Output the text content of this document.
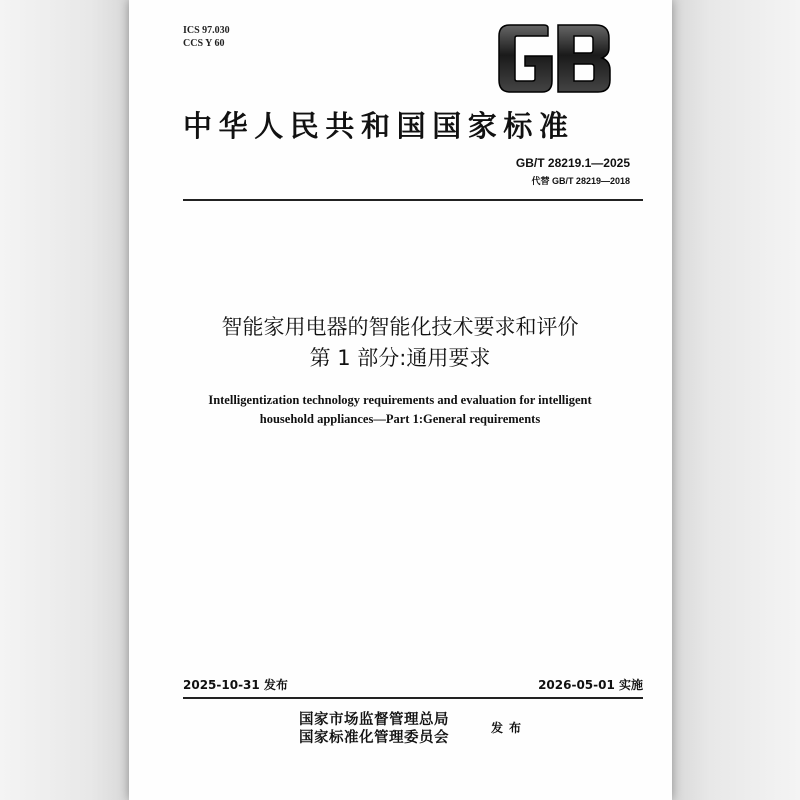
ICS 97.030
CCS Y 60
GB
中华人民共和国国家标准
GB/T 28219.1—2025
代替 GB/T 28219—2018
智能家用电器的智能化技术要求和评价
第 1 部分:通用要求
Intelligentization technology requirements and evaluation for intelligent
household appliances—Part 1:General requirements
2025-10-31 发布	2026-05-01 实施
国家市场监督管理总局
国家标准化管理委员会
发布
